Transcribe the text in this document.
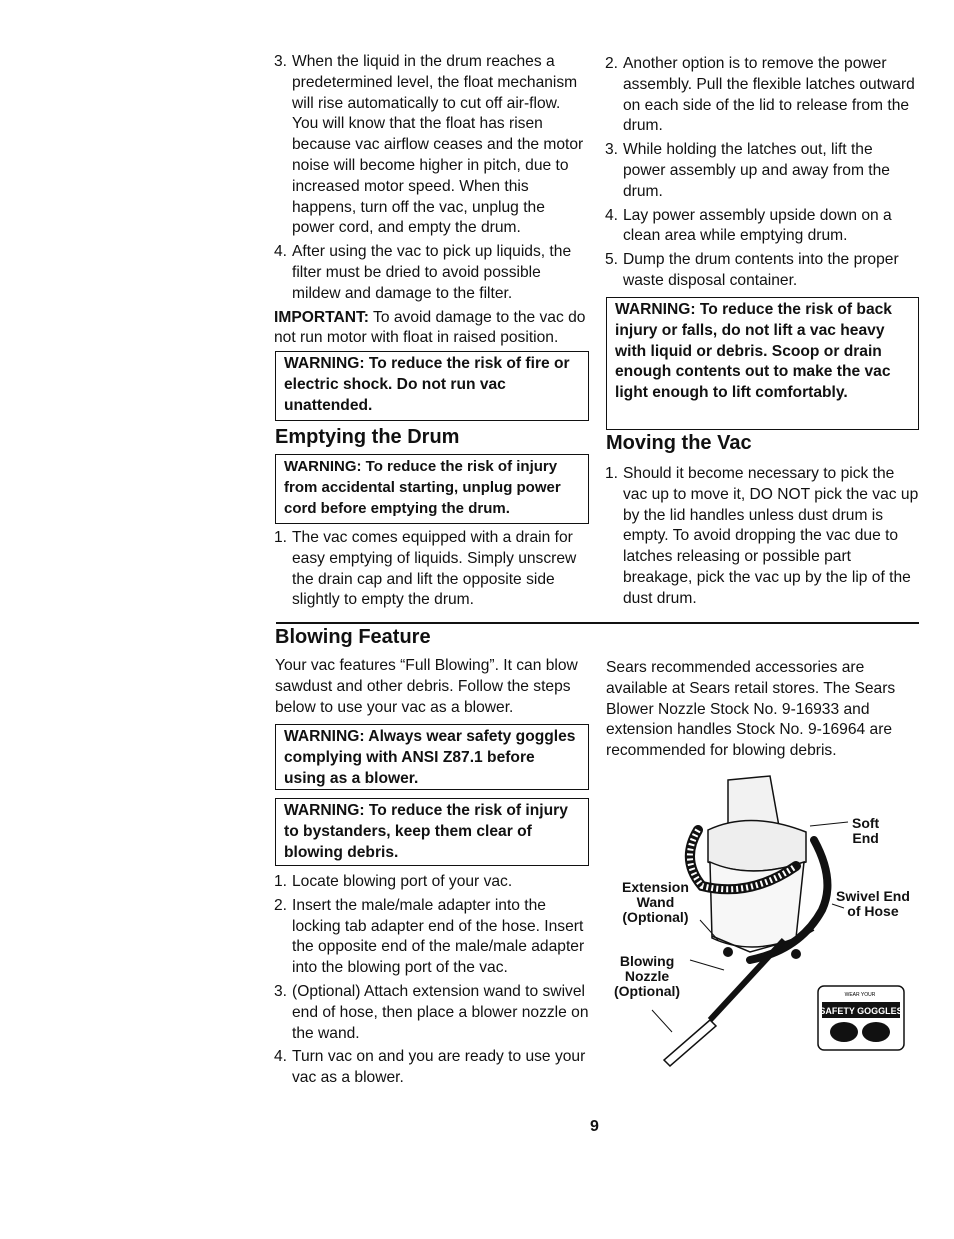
3. When the liquid in the drum reaches a predetermined level, the float mechanism will rise automatically to cut off air-flow. You will know that the float has risen because vac airflow ceases and the motor noise will become higher in pitch, due to increased motor speed. When this happens, turn off the vac, unplug the power cord, and empty the drum.
4. After using the vac to pick up liquids, the filter must be dried to avoid possible mildew and damage to the filter.

IMPORTANT: To avoid damage to the vac do not run motor with float in raised position.

WARNING: To reduce the risk of fire or electric shock. Do not run vac unattended.
Emptying the Drum
WARNING: To reduce the risk of injury from accidental starting, unplug power cord before emptying the drum.
1. The vac comes equipped with a drain for easy emptying of liquids. Simply unscrew the drain cap and lift the opposite side slightly to empty the drum.
2. Another option is to remove the power assembly. Pull the flexible latches outward on each side of the lid to release from the drum.
3. While holding the latches out, lift the power assembly up and away from the drum.
4. Lay power assembly upside down on a clean area while emptying drum.
5. Dump the drum contents into the proper waste disposal container.
WARNING: To reduce the risk of back injury or falls, do not lift a vac heavy with liquid or debris. Scoop or drain enough contents out to make the vac light enough to lift comfortably.
Moving the Vac
1. Should it become necessary to pick the vac up to move it, DO NOT pick the vac up by the lid handles unless dust drum is empty. To avoid dropping the vac due to latches releasing or possible part breakage, pick the vac up by the lip of the dust drum.
Blowing Feature

Your vac features “Full Blowing”. It can blow sawdust and other debris. Follow the steps below to use your vac as a blower.

WARNING: Always wear safety goggles complying with ANSI Z87.1 before using as a blower.
WARNING: To reduce the risk of injury to bystanders, keep them clear of blowing debris.
1. Locate blowing port of your vac.
2. Insert the male/male adapter into the locking tab adapter end of the hose. Insert the opposite end of the male/male adapter into the blowing port of the vac.
3. (Optional) Attach extension wand to swivel end of hose, then place a blower nozzle on the wand.
4. Turn vac on and you are ready to use your vac as a blower.

Sears recommended accessories are available at Sears retail stores. The Sears Blower Nozzle Stock No. 9-16933 and extension handles Stock No. 9-16964 are recommended for blowing debris.

WEAR YOUR
SAFETY GOGGLES
Soft
End
Extension
Wand
(Optional)
Swivel End
of Hose
Blowing
Nozzle
(Optional)
9
